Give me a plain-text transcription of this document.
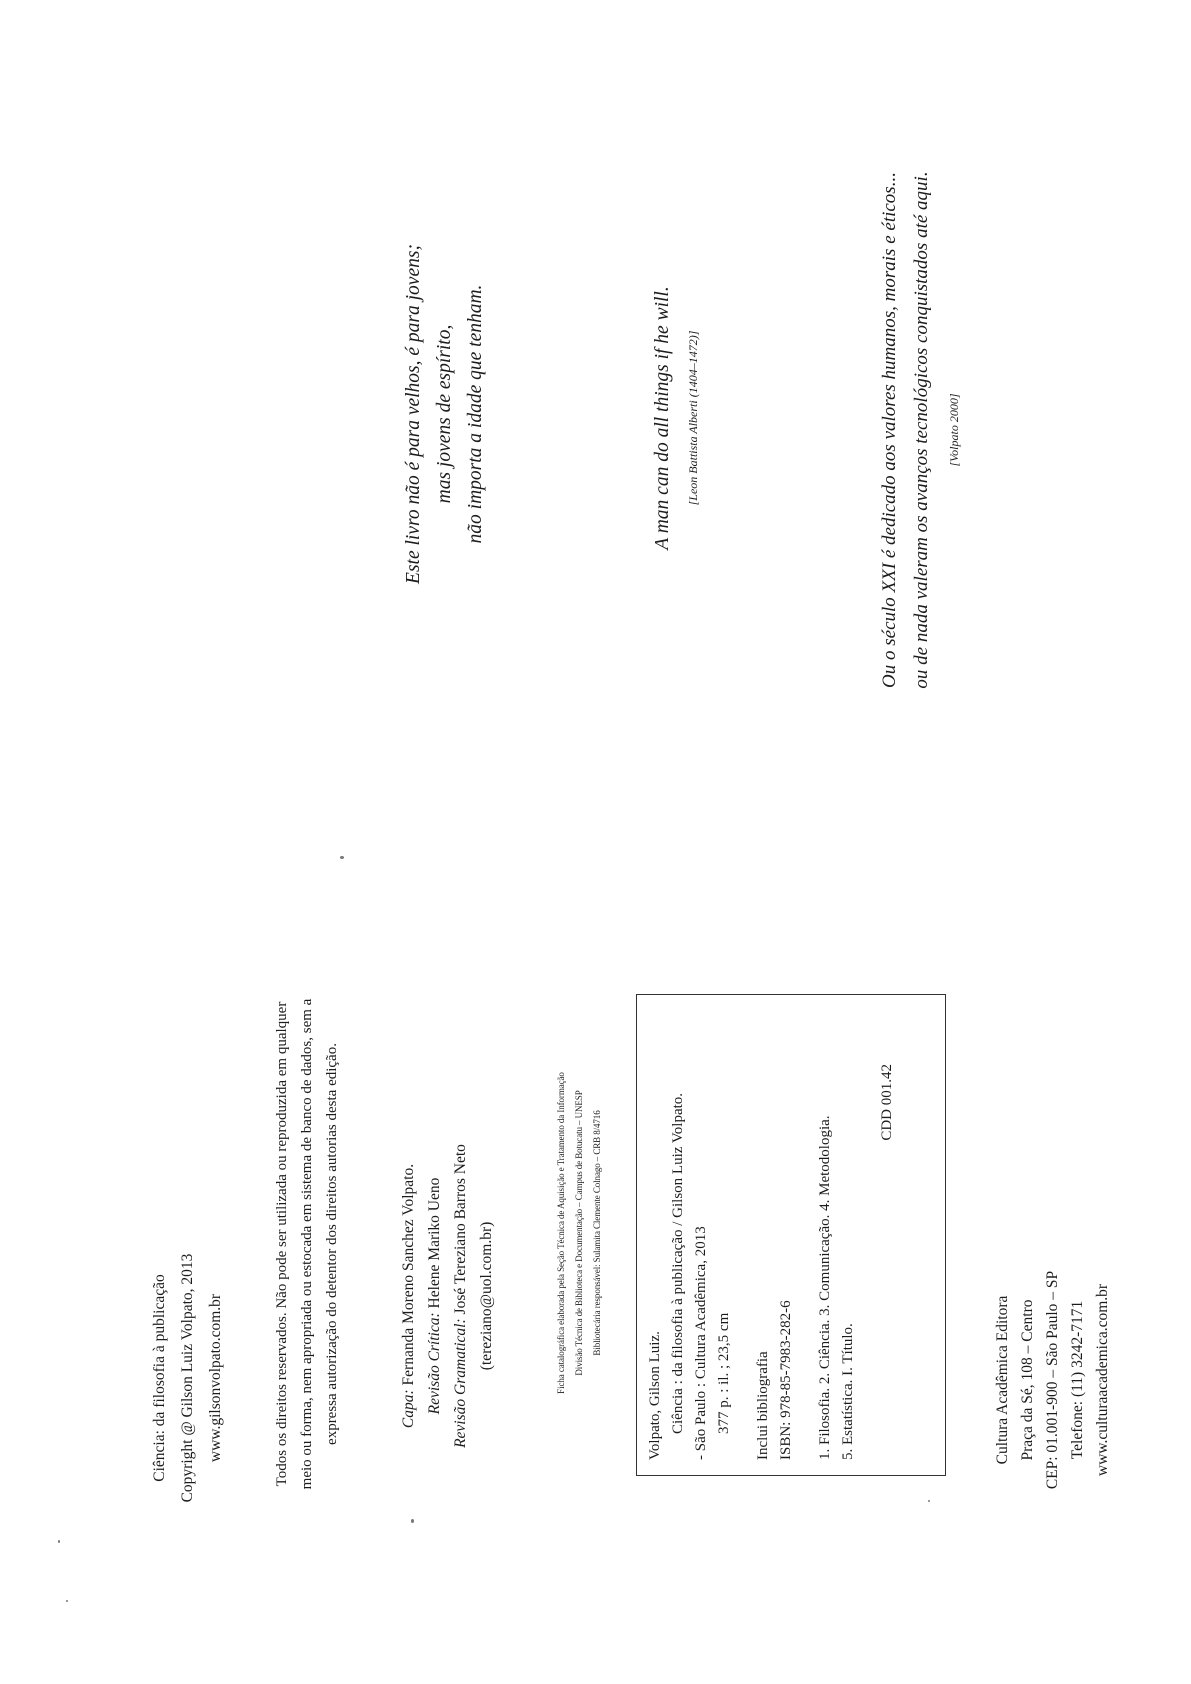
Ciência: da filosofia à publicação Copyright @ Gilson Luiz Volpato, 2013 www.gilsonvolpato.com.br	Todos os direitos reservados. Não pode ser utilizada ou reproduzida em qualquer meio ou forma, nem apropriada ou estocada em sistema de banco de dados, sem a expressa autorização do detentor dos direitos autorias desta edição.	Capa: Fernanda Moreno Sanchez Volpato. Revisão Crítica: Helene Mariko Ueno
Revisão Gramatical: José Tereziano Barros Neto (tereziano@uol.com.br)	Ficha catalográfica elaborada pela Seção Técnica de Aquisição e Tratamento da Informação Divisão Técnica de Biblioteca e Documentação – Campus de Botucatu – UNESP Bibliotecária responsável: Sulamita Clemente Colnago – CRB 8/4716
Volpato, Gilson Luiz. Ciência : da filosofia à publicação / Gilson Luiz Volpato. - São Paulo : Cultura Acadêmica, 2013 377 p. : il. ; 23,5 cm Inclui bibliografia ISBN: 978-85-7983-282-6 1. Filosofia. 2. Ciência. 3. Comunicação. 4. Metodologia. 5. Estatística. I. Título.
CDD 001.42
Cultura Acadêmica Editora Praça da Sé, 108 – Centro CEP: 01.001-900 – São Paulo – SP Telefone: (11) 3242-7171 www.culturaacademica.com.br
Este livro não é para velhos, é para jovens; mas jovens de espírito, não importa a idade que tenham.	A man can do all things if he will.	[Leon Battista Alberti (1404–1472)]	Ou o século XXI é dedicado aos valores humanos, morais e éticos... ou de nada valeram os avanços tecnológicos conquistados até aqui.	[Volpato 2000]
